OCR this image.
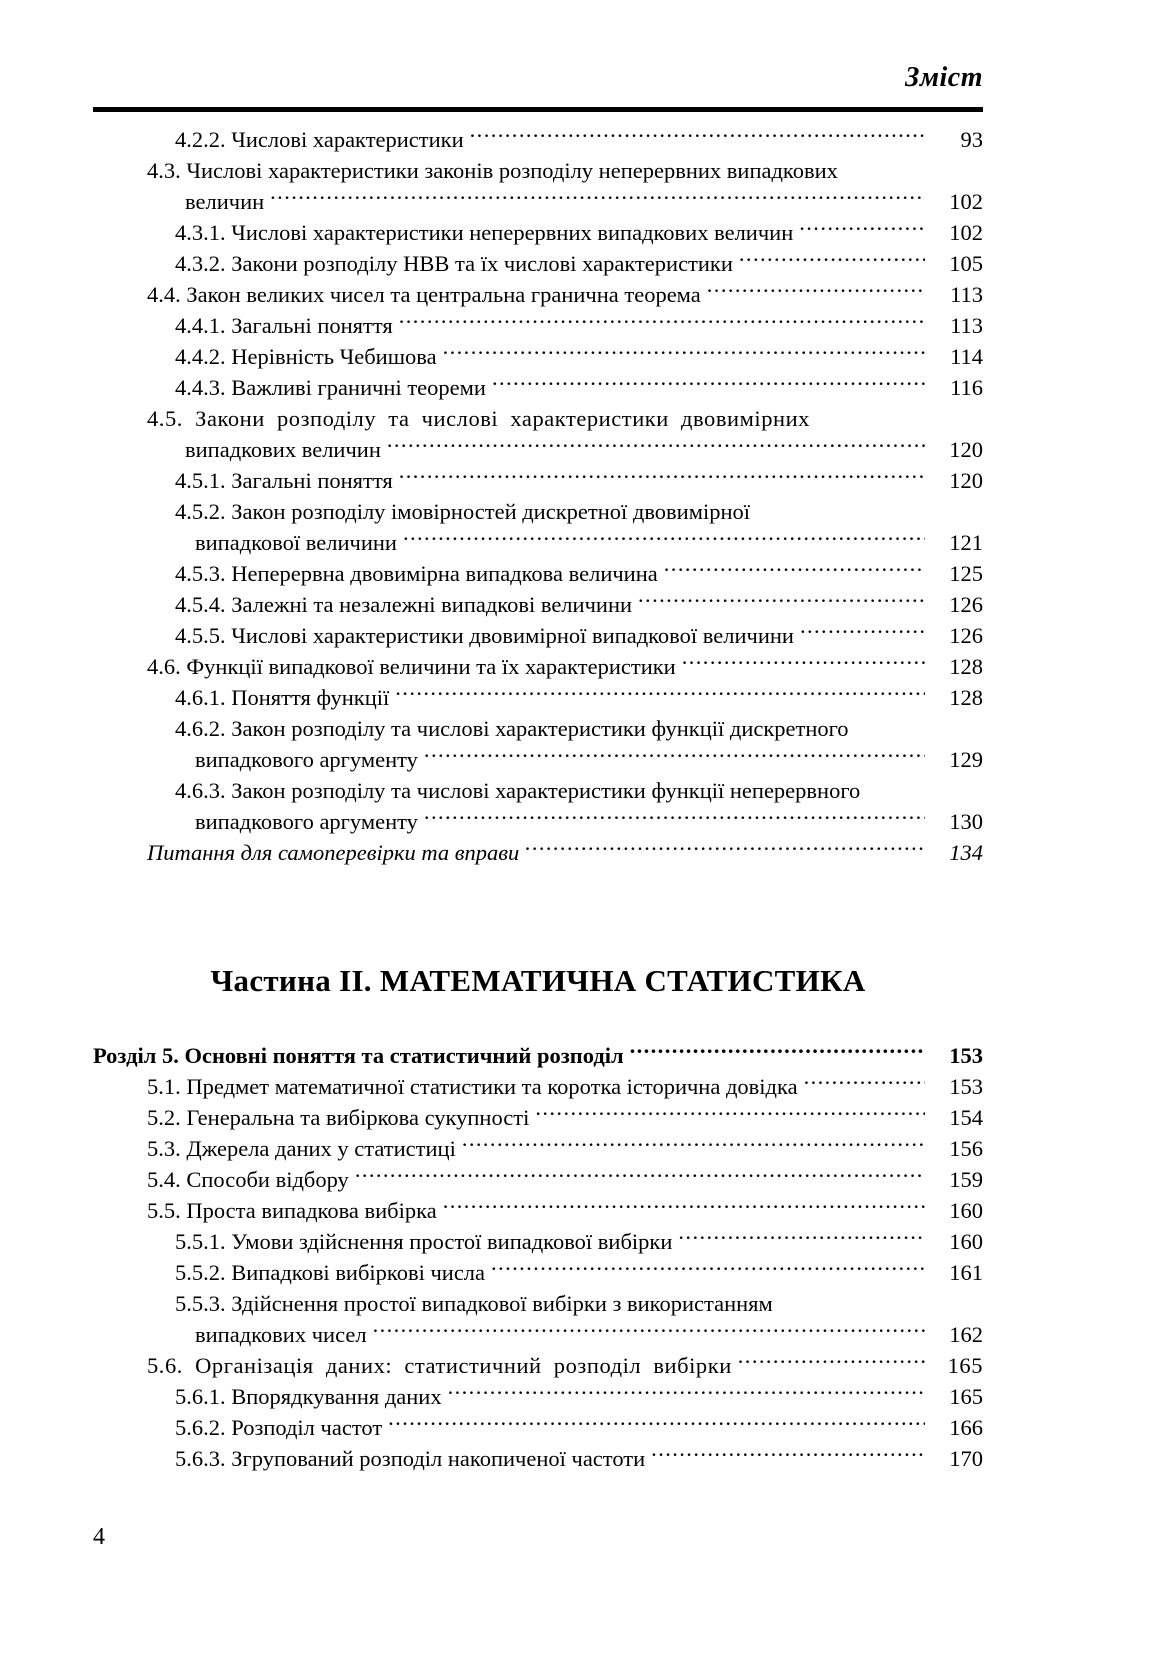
Зміст
4.2.2. Числові характеристики .....	93
4.3. Числові характеристики законів розподілу неперервних випадкових
величин .....	102
4.3.1. Числові характеристики неперервних випадкових величин .....	102
4.3.2. Закони розподілу НВВ та їх числові характеристики .....	105
4.4. Закон великих чисел та центральна гранична теорема .....	113
4.4.1. Загальні поняття .....	113
4.4.2. Нерівність Чебишова .....	114
4.4.3. Важливі граничні теореми .....	116
4.5. Закони розподілу та числові характеристики двовимірних
випадкових величин .....	120
4.5.1. Загальні поняття .....	120
4.5.2. Закон розподілу імовірностей дискретної двовимірної
випадкової величини .....	121
4.5.3. Неперервна двовимірна випадкова величина .....	125
4.5.4. Залежні та незалежні випадкові величини .....	126
4.5.5. Числові характеристики двовимірної випадкової величини .....	126
4.6. Функції випадкової величини та їх характеристики .....	128
4.6.1. Поняття функції .....	128
4.6.2. Закон розподілу та числові характеристики функції дискретного
випадкового аргументу .....	129
4.6.3. Закон розподілу та числові характеристики функції неперервного
випадкового аргументу .....	130
Питання для самоперевірки та вправи .....	134
Частина II. МАТЕМАТИЧНА СТАТИСТИКА
Розділ 5. Основні поняття та статистичний розподіл .....	153
5.1. Предмет математичної статистики та коротка історична довідка .....	153
5.2. Генеральна та вибіркова сукупності .....	154
5.3. Джерела даних у статистиці .....	156
5.4. Способи відбору .....	159
5.5. Проста випадкова вибірка .....	160
5.5.1. Умови здійснення простої випадкової вибірки .....	160
5.5.2. Випадкові вибіркові числа .....	161
5.5.3. Здійснення простої випадкової вибірки з використанням
випадкових чисел .....	162
5.6. Організація даних: статистичний розподіл вибірки .....	165
5.6.1. Впорядкування даних .....	165
5.6.2. Розподіл частот .....	166
5.6.3. Згрупований розподіл накопиченої частоти .....	170
4
